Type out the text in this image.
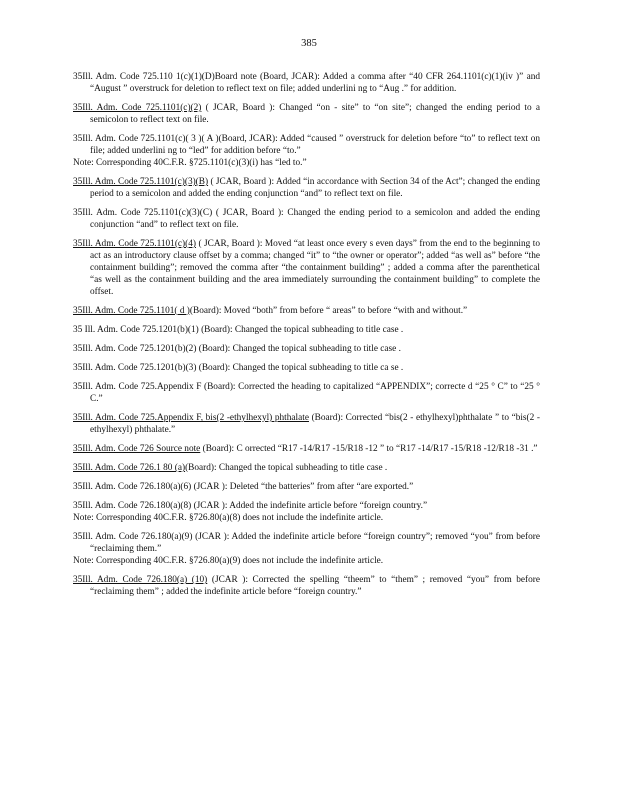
385
35Ill. Adm. Code 725.110 1(c)(1)(D)Board note (Board, JCAR): Added a comma after “40 CFR 264.1101(c)(1)(iv )” and “August ” overstruck for deletion to reflect text on file; added underlini ng to “Aug .” for addition.
35Ill. Adm. Code 725.1101(c)(2) ( JCAR, Board ): Changed “on - site” to “on site”; changed the ending period to a semicolon to reflect text on file.
35Ill. Adm. Code 725.1101(c)( 3 )( A )(Board, JCAR): Added “caused ” overstruck for deletion before “to” to reflect text on file; added underlini ng to “led” for addition before “to.”
Note: Corresponding 40C.F.R. §725.1101(c)(3)(i) has “led to.”
35Ill. Adm. Code 725.1101(c)(3)(B) ( JCAR, Board ): Added “in accordance with Section 34 of the Act”; changed the ending period to a semicolon and added the ending conjunction “and” to reflect text on file.
35Ill. Adm. Code 725.1101(c)(3)(C) ( JCAR, Board ): Changed the ending period to a semicolon and added the ending conjunction “and” to reflect text on file.
35Ill. Adm. Code 725.1101(c)(4) ( JCAR, Board ): Moved “at least once every s even days” from the end to the beginning to act as an introductory clause offset by a comma; changed “it” to “the owner or operator”; added “as well as” before “the containment building”; removed the comma after “the containment building” ; added a comma after the parenthetical “as well as the containment building and the area immediately surrounding the containment building” to complete the offset.
35Ill. Adm. Code 725.1101( d )(Board): Moved “both” from before “ areas” to before “with and without.”
35 Ill. Adm. Code 725.1201(b)(1) (Board): Changed the topical subheading to title case .
35Ill. Adm. Code 725.1201(b)(2) (Board): Changed the topical subheading to title case .
35Ill. Adm. Code 725.1201(b)(3) (Board): Changed the topical subheading to title ca se .
35Ill. Adm. Code 725.Appendix F (Board): Corrected the heading to capitalized “APPENDIX”; correcte d “25 ° C” to “25 ° C.”
35Ill. Adm. Code 725.Appendix F, bis(2 -ethylhexyl) phthalate (Board): Corrected “bis(2 - ethylhexyl)phthalate ” to “bis(2 -ethylhexyl) phthalate.”
35Ill. Adm. Code 726 Source note (Board): C orrected “R17 -14/R17 -15/R18 -12 ” to “R17 -14/R17 -15/R18 -12/R18 -31 .”
35Ill. Adm. Code 726.1 80 (a)(Board): Changed the topical subheading to title case .
35Ill. Adm. Code 726.180(a)(6) (JCAR ): Deleted “the batteries” from after “are exported.”
35Ill. Adm. Code 726.180(a)(8) (JCAR ): Added the indefinite article before “foreign country.”
Note: Corresponding 40C.F.R. §726.80(a)(8) does not include the indefinite article.
35Ill. Adm. Code 726.180(a)(9) (JCAR ): Added the indefinite article before “foreign country”; removed “you” from before “reclaiming them.”
Note: Corresponding 40C.F.R. §726.80(a)(9) does not include the indefinite article.
35Ill. Adm. Code 726.180(a) (10) (JCAR ): Corrected the spelling “theem” to “them” ; removed “you” from before “reclaiming them” ; added the indefinite article before “foreign country.”
